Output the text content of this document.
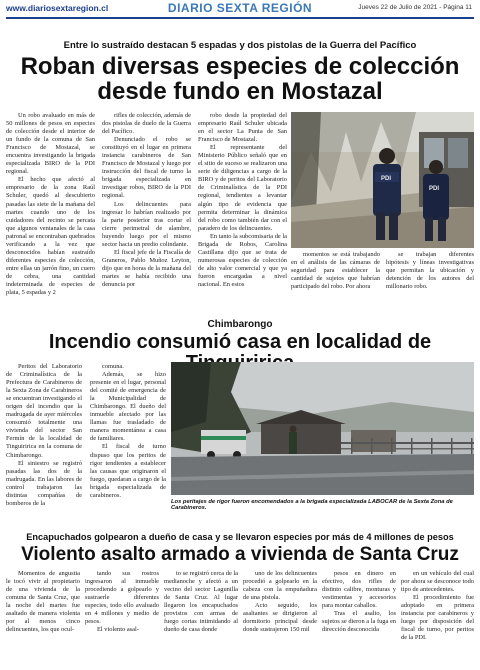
www.diariosextaregion.cl	DIARIO SEXTA REGIÓN	Jueves 22 de Julio de 2021 - Página 11
Entre lo sustraído destacan 5 espadas y dos pistolas de la Guerra del Pacífico
Roban diversas especies de colección
desde fundo en Mostazal

Un robo avaluado en más de 50 millones de pesos en especies de colección desde el interior de un fundo de la comuna de San Francisco de Mostazal, se encuentra investigando la brigada especializada BIRO de la PDI regional.

El hecho que afectó al empresario de la zona Raúl Schuler, quedó al descubierto pasadas las siete de la mañana del martes cuando uno de los cuidadores del recinto se percata que algunos ventanales de la casa patronal se encontraban quebrados verificando a la vez que desconocidos habían sustraído diferentes especies de colección, entre ellas un jarrón fino, un cuero de cebra, una cantidad indeterminada de especies de plata, 5 espadas y 2

rifles de colección, además de dos pistolas de duelo de la Guerra del Pacífico.

Denunciado el robo se constituyó en el lugar en primera instancia carabineros de San Francisco de Mostazal y luego por instrucción del fiscal de turno la brigada especializada en investigar robos, BIRO de la PDI regional.

Los delincuentes para ingresar lo habrían realizado por la parte posterior tras cortar el cierre perimetral de alambre, huyendo luego por el mismo sector hacia un predio colindante.

El fiscal jefe de la Fiscalía de Graneros, Pablo Muñoz Leyton, dijo que en horas de la mañana del martes se había recibido una denuncia por

robo desde la propiedad del empresario Raúl Schuler ubicada en el sector La Punta de San Francisco de Mostazal.

El representante del Ministerio Público señaló que en el sitio de suceso se realizaron una serie de diligencias a cargo de la BIRO y de peritos del Laboratorio de Criminalística de la PDI regional, tendientes a levantar algún tipo de evidencia que permita determinar la dinámica del robo como también dar con el paradero de los delincuentes.

En tanto la subcomisaria de la Brigada de Robos, Carolina Castillana dijo que se trata de numerosas especies de colección de alto valor comercial y que ya fueron encargadas a nivel nacional. En estos

PDI
PDI

momentos se está trabajando en el análisis de las cámaras de seguridad para establecer la cantidad de sujetos que habrían participado del robo. Por ahora

se trabajan diferentes hipótesis y líneas investigativas que permitan la ubicación y detención de los autores del millonario robo.

Chimbarongo
Incendio consumió casa en localidad de

Peritos del Laboratorio de Criminalística de la Prefectura de Carabineros de la Sexta Zona de Carabineros se encuentran investigando el origen del incendio que la madrugada de ayer miércoles consumió totalmente una vivienda del sector San Fermín de la localidad de Tinguiririca en la comuna de Chimbarongo.

El siniestro se registró pasadas las dos de la madrugada. En las labores de control trabajaron las distintas compañías de bomberos de la

comuna.

Además, se hizo presente en el lugar, personal del comité de emergencia de la Municipalidad de Chimbarongo. El dueño del inmueble afectado por las llamas fue trasladado de manera momentánea a casa de familiares.

El fiscal de turno dispuso que los peritos de rigor tendientes a establecer las causas que originaron el fuego, quedaran a cargo de la brigada especializada de carabineros.

Los peritajes de rigor fueron encomendados a la brigada especializada LABOCAR de la Sexta Zona de Carabineros.
Encapuchados golpearon a dueño de casa y se llevaron especies por más de 4 millones de pesos
Violento asalto armado a vivienda de Santa Cruz

Momentos de angustia le tocó vivir al propietario de una vivienda de la comuna de Santa Cruz, que la noche del martes fue asaltado de manera violenta por al menos cinco delincuentes, los que ocul-

tando sus rostros ingresaron al inmueble procediendo a golpearlo y sustraerle diferentes especies, todo ello avaluado en 4 millones y medio de pesos.

El violento asal-

to se registró cerca de la medianoche y afectó a un vecino del sector Lagunilla de Santa Cruz. Al lugar llegaron los encapuchados provistos con armas de fuego cortas intimidando al dueño de casa donde

uno de los delincuentes procedió a golpearlo en la cabeza con la empuñadura de una pistola.

Acto seguido, los asaltantes se dirigieron al dormitorio principal desde donde sustrajeron 150 mil

pesos en dinero en efectivo, dos rifles de distinto calibre, monturas y vestimentas y accesorios para montar caballos.

Tras el asalto, los sujetos se dieron a la fuga en dirección desconocida

en un vehículo del cual por ahora se desconoce todo tipo de antecedentes.

El procedimiento fue adoptado en primera instancia por carabineros y luego por disposición del fiscal de turno, por peritos de la PDI.
